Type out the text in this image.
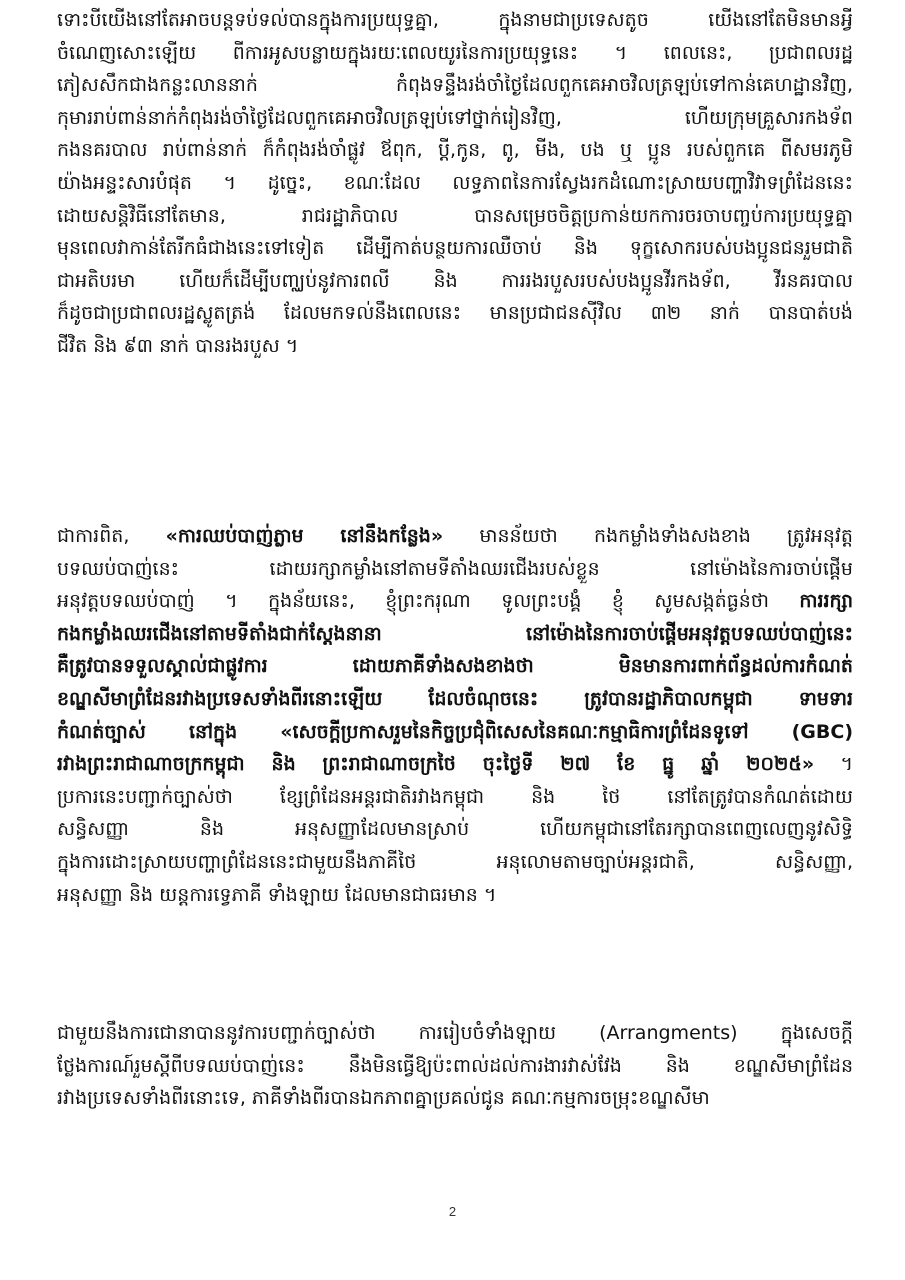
ទោះបីយើងនៅតែអាចបន្តទប់ទល់បានក្នុងការប្រយុទ្ធគ្នា, ក្នុងនាមជាប្រទេសតូច យើងនៅតែមិនមានអ្វី
ចំណេញសោះឡើយ ពីការអូសបន្លាយក្នុងរយៈពេលយូរនៃការប្រយុទ្ធនេះ ។ ពេលនេះ, ប្រជាពលរដ្ឋ
ភៀសសឹកជាងកន្លះលាននាក់ កំពុងទន្ទឹងរង់ចាំថ្ងៃដែលពួកគេអាចវិលត្រឡប់ទៅកាន់គេហដ្ឋានវិញ,
កុមាររាប់ពាន់នាក់កំពុងរង់ចាំថ្ងៃដែលពួកគេអាចវិលត្រឡប់ទៅថ្នាក់រៀនវិញ, ហើយក្រុមគ្រួសារកងទ័ព
កងនគរបាល រាប់ពាន់នាក់ ក៏កំពុងរង់ចាំផ្លូវ ឪពុក, ប្តី,កូន, ពូ, មីង, បង ឬ ប្អូន របស់ពួកគេ ពីសមរភូមិ
យ៉ាងអន្ទះសារបំផុត ។ ដូច្នេះ, ខណៈដែល លទ្ធភាពនៃការស្វែងរកដំណោះស្រាយបញ្ហាវិវាទព្រំដែននេះ
ដោយសន្តិវិធីនៅតែមាន, រាជរដ្ឋាភិបាល បានសម្រេចចិត្តប្រកាន់យកការចរចាបញ្ចប់ការប្រយុទ្ធគ្នា
មុនពេលវាកាន់តែរីកធំជាងនេះទៅទៀត ដើម្បីកាត់បន្ថយការឈឺចាប់ និង ទុក្ខសោករបស់បងប្អូនជនរួមជាតិ
ជាអតិបរមា ហើយក៏ដើម្បីបញ្ឈប់នូវការពលី និង ការរងរបួសរបស់បងប្អូនវីរកងទ័ព, វីរនគរបាល
ក៏ដូចជាប្រជាពលរដ្ឋស្លូតត្រង់ ដែលមកទល់នឹងពេលនេះ មានប្រជាជនស៊ីវិល ៣២ នាក់ បានបាត់បង់
ជីវិត និង ៩៣ នាក់ បានរងរបួស ។
ជាការពិត, «ការឈប់បាញ់ភ្លាម នៅនឹងកន្លែង» មានន័យថា កងកម្លាំងទាំងសងខាង ត្រូវអនុវត្ត
បទឈប់បាញ់នេះ ដោយរក្សាកម្លាំងនៅតាមទីតាំងឈរជើងរបស់ខ្លួន នៅម៉ោងនៃការចាប់ផ្តើម
អនុវត្តបទឈប់បាញ់ ។ ក្នុងន័យនេះ, ខ្ញុំព្រះករុណា ទូលព្រះបង្គំ ខ្ញុំ សូមសង្កត់ធ្ងន់ថា ការរក្សា
កងកម្លាំងឈរជើងនៅតាមទីតាំងជាក់ស្តែងនានា នៅម៉ោងនៃការចាប់ផ្តើមអនុវត្តបទឈប់បាញ់នេះ
គឺត្រូវបានទទួលស្គាល់ជាផ្លូវការ ដោយភាគីទាំងសងខាងថា មិនមានការពាក់ព័ន្ធដល់ការកំណត់
ខណ្ឌសីមាព្រំដែនរវាងប្រទេសទាំងពីរនោះឡើយ ដែលចំណុចនេះ ត្រូវបានរដ្ឋាភិបាលកម្ពុជា ទាមទារ
កំណត់ច្បាស់ នៅក្នុង «សេចក្តីប្រកាសរួមនៃកិច្ចប្រជុំពិសេសនៃគណៈកម្មាធិការព្រំដែនទូទៅ (GBC)
រវាងព្រះរាជាណាចក្រកម្ពុជា និង ព្រះរាជាណាចក្រថៃ ចុះថ្ងៃទី ២៧ ខែ ធ្នូ ឆ្នាំ ២០២៥» ។
ប្រការនេះបញ្ជាក់ច្បាស់ថា ខ្សែព្រំដែនអន្តរជាតិរវាងកម្ពុជា និង ថៃ នៅតែត្រូវបានកំណត់ដោយ
សន្ធិសញ្ញា និង អនុសញ្ញាដែលមានស្រាប់ ហើយកម្ពុជានៅតែរក្សាបានពេញលេញនូវសិទ្ធិ
ក្នុងការដោះស្រាយបញ្ហាព្រំដែននេះជាមួយនឹងភាគីថៃ អនុលោមតាមច្បាប់អន្តរជាតិ, សន្ធិសញ្ញា,
អនុសញ្ញា និង យន្តការទ្វេភាគី ទាំងឡាយ ដែលមានជាធរមាន ។
ជាមួយនឹងការជោនាបាននូវការបញ្ជាក់ច្បាស់ថា ការរៀបចំទាំងឡាយ (Arrangments) ក្នុងសេចក្តី
ថ្លែងការណ៍រួមស្តីពីបទឈប់បាញ់នេះ នឹងមិនធ្វើឱ្យប៉ះពាល់ដល់ការងារវាស់វែង និង ខណ្ឌសីមាព្រំដែន
រវាងប្រទេសទាំងពីរនោះទេ, ភាគីទាំងពីរបានឯកភាពគ្នាប្រគល់ជូន គណៈកម្មការចម្រុះខណ្ឌសីមា
2
